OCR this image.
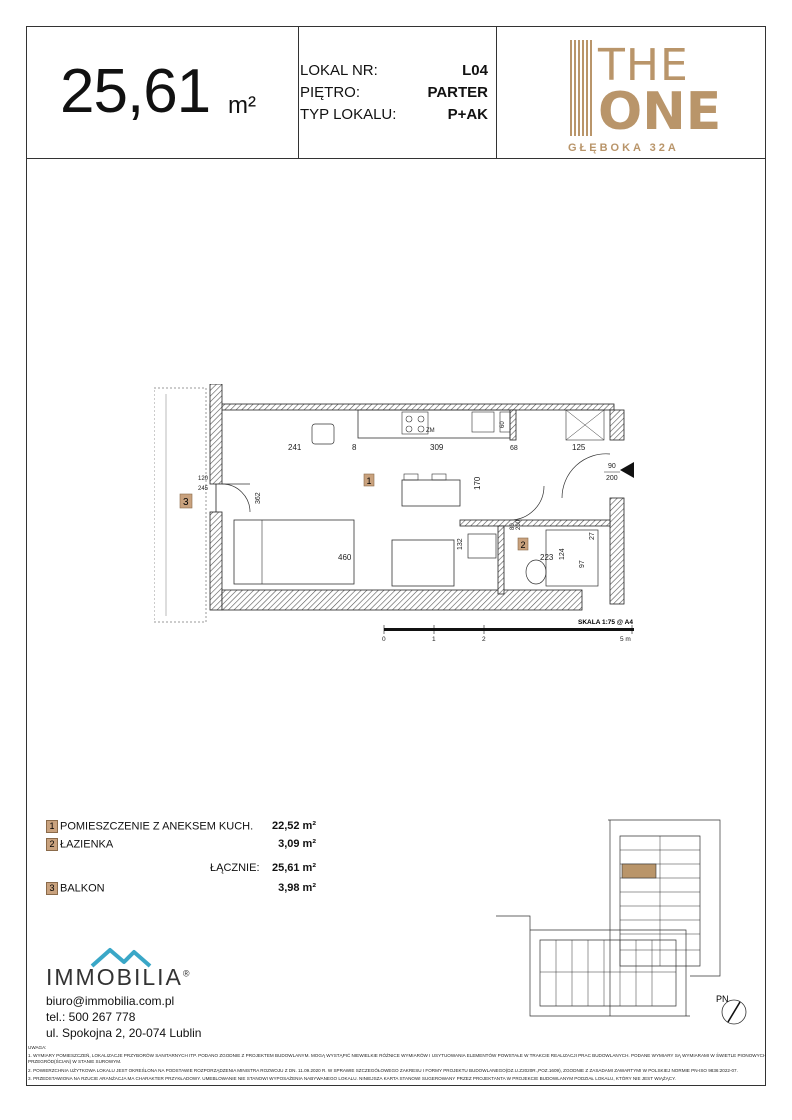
25,61 m²
LOKAL NR:	L04
PIĘTRO:	PARTER
TYP LOKALU:	P+AK
THE
ONE
GŁĘBOKA 32A
1
2
3
241	8	309
60
68	125
170
460
132
80 200
223 124
97
27
90
200
362
120
245
ZM
SKALA 1:75 @ A4
0	1	2	5 m
1 POMIESZCZENIE Z ANEKSEM KUCH. 22,52 m²
2 ŁAZIENKA	3,09 m²
ŁĄCZNIE: 25,61 m²
3 BALKON	3,98 m²
IMMOBILIA®
biuro@immobilia.com.pl
tel.: 500 267 778
ul. Spokojna 2, 20-074 Lublin
PN

UWAGA:

1. WYMIARY POMIESZCZEŃ, LOKALIZACJE PRZYBORÓW SANITARNYCH ITP. PODANO ZGODNIE Z PROJEKTEM BUDOWLANYM. MOGĄ WYSTĄPIĆ NIEWIELKIE RÓŻNICE WYMIARÓW I USYTUOWANIA ELEMENTÓW POWSTAŁE W TRAKCIE REALIZACJI PRAC BUDOWLANYCH. PODANE WYMIARY SĄ WYMIARAMI W ŚWIETLE PIONOWYCH PRZEGRÓD(ŚCIAN) W STANIE SUROWYM.

2. POWIERZCHNIA UŻYTKOWA LOKALU JEST OKREŚLONA NA PODSTAWIE ROZPORZĄDZENIA MINISTRA ROZWOJU Z DN. 11.09.2020 R. W SPRAWIE SZCZEGÓŁOWEGO ZAKRESU I FORMY PROJEKTU BUDOWLANEGO(DZ.U.Z2020R.,POZ.1609), ZGODNIE Z ZASADAMI ZAWARTYMI W POLSKIEJ NORMIE PN-ISO 9836:2022-07.

3. PRZEDSTAWIONA NA RZUCIE ARANŻACJA MA CHARAKTER PRZYKŁADOWY. UMEBLOWANIE NIE STANOWI WYPOSAŻENIA NABYWANEGO LOKALU. NINIEJSZA KARTA STANOWI SUGEROWANY PRZEZ PROJEKTANTA W PROJEKCIE BUDOWLANYM PODZIAŁ LOKALU, KTÓRY NIE JEST WIĄŻĄCY.
